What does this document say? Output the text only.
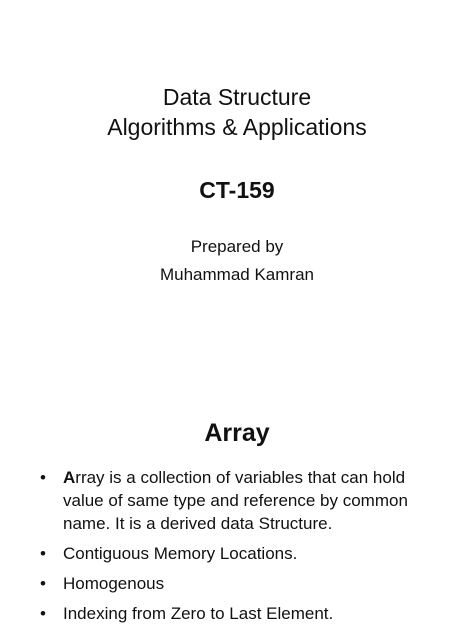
Data Structure
Algorithms & Applications
CT-159
Prepared by
Muhammad Kamran
Array
• Array is a collection of variables that can hold
value of same type and reference by common
name. It is a derived data Structure.
• Contiguous Memory Locations.
• Homogenous
• Indexing from Zero to Last Element.
